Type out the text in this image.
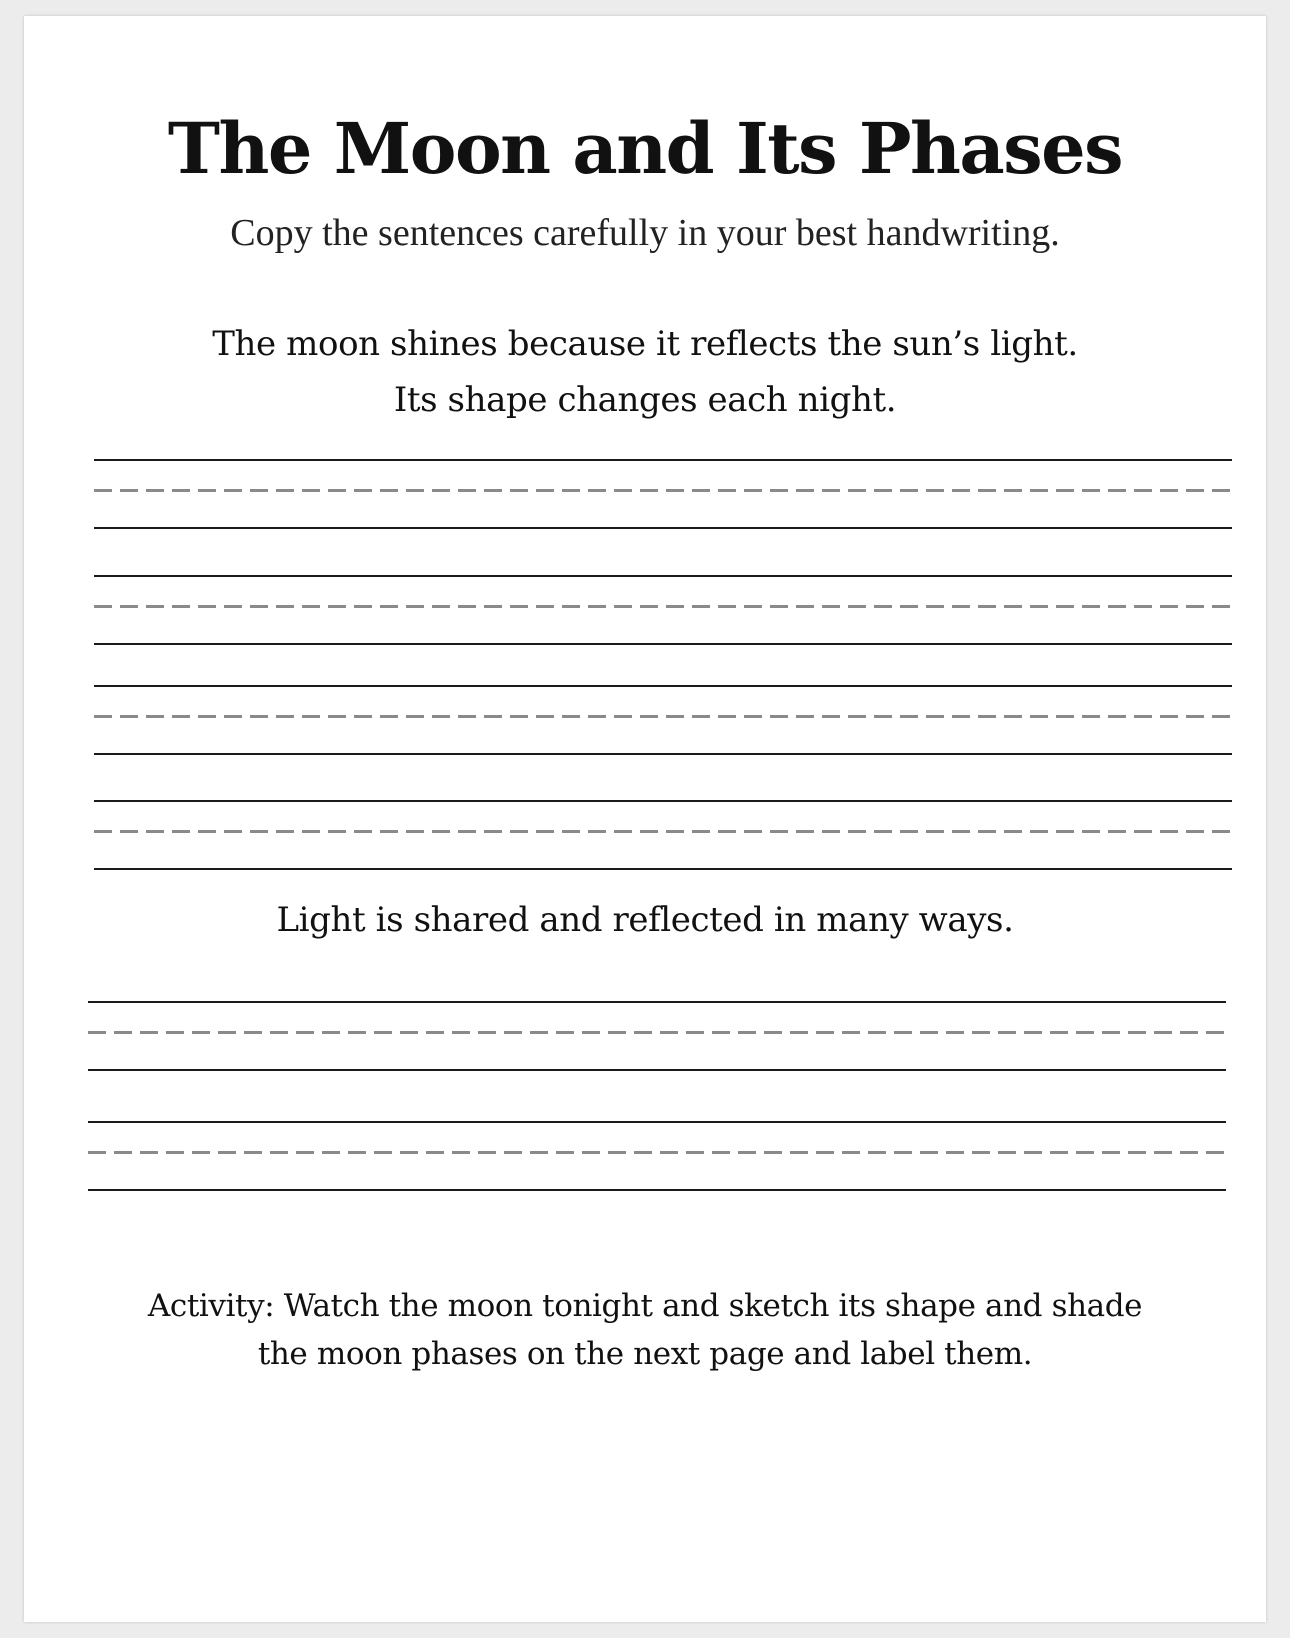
The Moon and Its Phases
Copy the sentences carefully in your best handwriting.
The moon shines because it reflects the sun’s light.
Its shape changes each night.
Light is shared and reflected in many ways.
Activity: Watch the moon tonight and sketch its shape and shade
the moon phases on the next page and label them.
